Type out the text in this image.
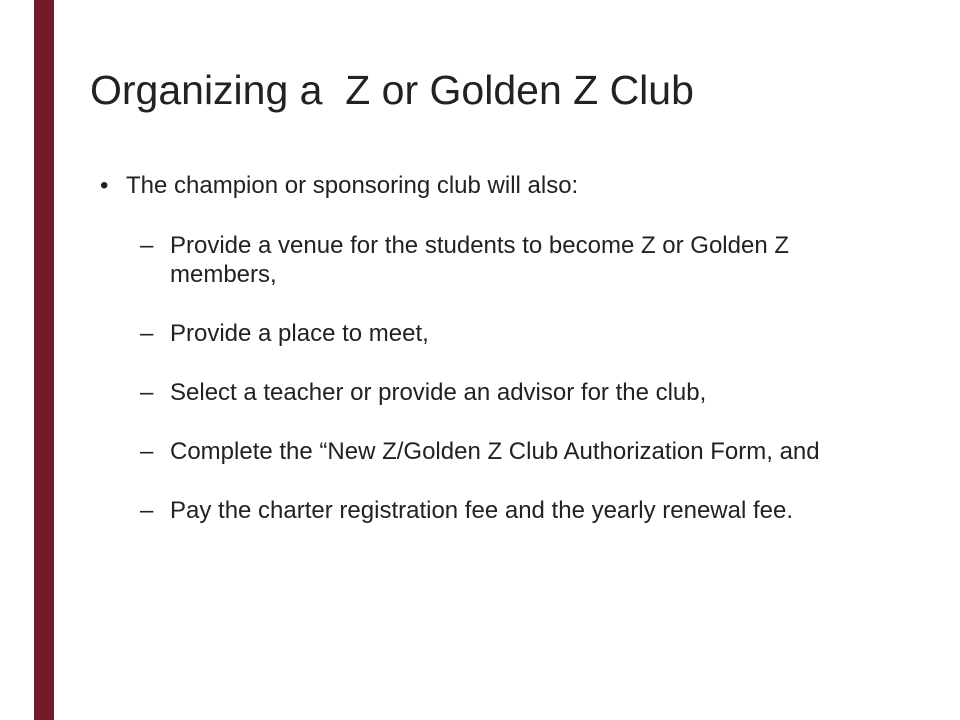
Organizing a  Z or Golden Z Club

• The champion or sponsoring club will also:

– Provide a venue for the students to become Z or Golden Z members,
– Provide a place to meet,
– Select a teacher or provide an advisor for the club,
– Complete the “New Z/Golden Z Club Authorization Form, and
– Pay the charter registration fee and the yearly renewal fee.
